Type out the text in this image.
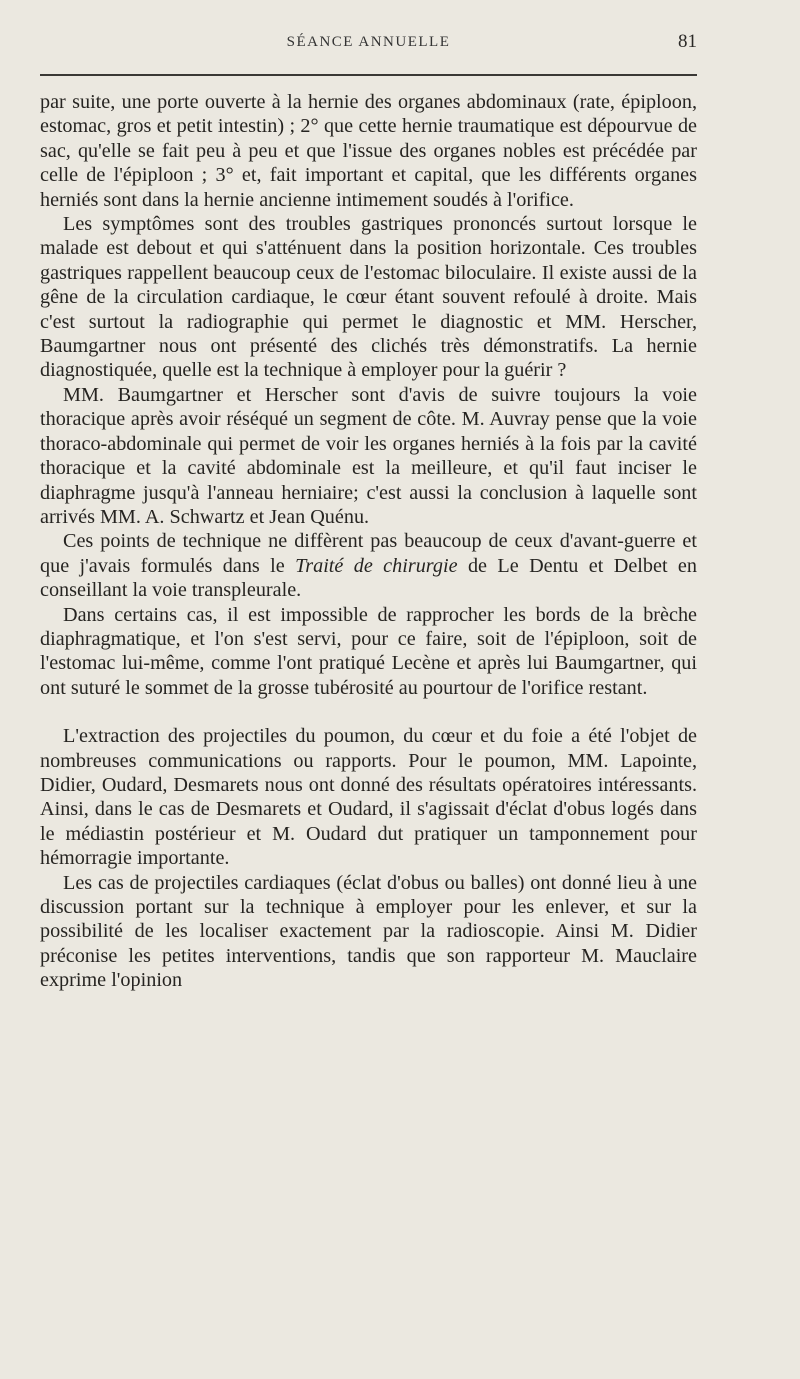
SÉANCE ANNUELLE	81

par suite, une porte ouverte à la hernie des organes abdominaux (rate, épiploon, estomac, gros et petit intestin) ; 2° que cette hernie traumatique est dépourvue de sac, qu'elle se fait peu à peu et que l'issue des organes nobles est précédée par celle de l'épiploon ; 3° et, fait important et capital, que les différents organes herniés sont dans la hernie ancienne intimement soudés à l'orifice.

Les symptômes sont des troubles gastriques prononcés surtout lorsque le malade est debout et qui s'atténuent dans la position horizontale. Ces troubles gastriques rappellent beaucoup ceux de l'estomac biloculaire. Il existe aussi de la gêne de la circulation cardiaque, le cœur étant souvent refoulé à droite. Mais c'est surtout la radiographie qui permet le diagnostic et MM. Herscher, Baumgartner nous ont présenté des clichés très démonstratifs. La hernie diagnostiquée, quelle est la technique à employer pour la guérir ?

MM. Baumgartner et Herscher sont d'avis de suivre toujours la voie thoracique après avoir réséqué un segment de côte. M. Auvray pense que la voie thoraco-abdominale qui permet de voir les organes herniés à la fois par la cavité thoracique et la cavité abdominale est la meilleure, et qu'il faut inciser le diaphragme jusqu'à l'anneau herniaire; c'est aussi la conclusion à laquelle sont arrivés MM. A. Schwartz et Jean Quénu.

Ces points de technique ne diffèrent pas beaucoup de ceux d'avant-guerre et que j'avais formulés dans le Traité de chirurgie de Le Dentu et Delbet en conseillant la voie transpleurale.

Dans certains cas, il est impossible de rapprocher les bords de la brèche diaphragmatique, et l'on s'est servi, pour ce faire, soit de l'épiploon, soit de l'estomac lui-même, comme l'ont pratiqué Lecène et après lui Baumgartner, qui ont suturé le sommet de la grosse tubérosité au pourtour de l'orifice restant.

L'extraction des projectiles du poumon, du cœur et du foie a été l'objet de nombreuses communications ou rapports. Pour le poumon, MM. Lapointe, Didier, Oudard, Desmarets nous ont donné des résultats opératoires intéressants. Ainsi, dans le cas de Desmarets et Oudard, il s'agissait d'éclat d'obus logés dans le médiastin postérieur et M. Oudard dut pratiquer un tamponnement pour hémorragie importante.

Les cas de projectiles cardiaques (éclat d'obus ou balles) ont donné lieu à une discussion portant sur la technique à employer pour les enlever, et sur la possibilité de les localiser exactement par la radioscopie. Ainsi M. Didier préconise les petites interventions, tandis que son rapporteur M. Mauclaire exprime l'opinion
